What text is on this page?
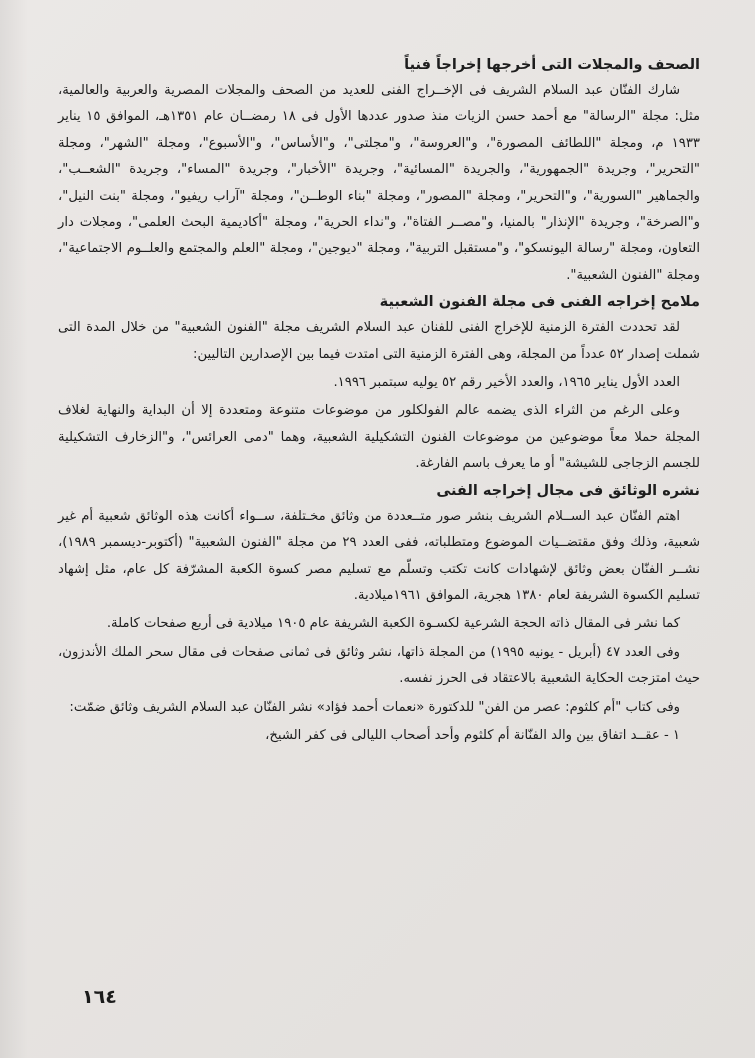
الصحف والمجلات التى أخرجها إخراجاً فنياً

شارك الفنّان عبد السلام الشريف فى الإخــراج الفنى للعديد من الصحف والمجلات المصرية والعربية والعالمية، مثل: مجلة "الرسالة" مع أحمد حسن الزيات منذ صدور عددها الأول فى ١٨ رمضــان عام ١٣٥١هـ، الموافق ١٥ يناير ١٩٣٣ م، ومجلة "اللطائف المصورة"، و"العروسة"، و"مجلتى"، و"الأساس"، و"الأسبوع"، ومجلة "الشهر"، ومجلة "التحرير"، وجريدة "الجمهورية"، والجريدة "المسائية"، وجريدة "الأخبار"، وجريدة "المساء"، وجريدة "الشعــب"، والجماهير "السورية"، و"التحرير"، ومجلة "المصور"، ومجلة "بناء الوطــن"، ومجلة "آراب ريفيو"، ومجلة "بنت النيل"، و"الصرخة"، وجريدة "الإنذار" بالمنيا، و"مصــر الفتاة"، و"نداء الحرية"، ومجلة "أكاديمية البحث العلمى"، ومجلات دار التعاون، ومجلة "رسالة اليونسكو"، و"مستقبل التربية"، ومجلة "ديوجين"، ومجلة "العلم والمجتمع والعلــوم الاجتماعية"، ومجلة "الفنون الشعبية".

ملامح إخراجه الفنى فى مجلة الفنون الشعبية

لقد تحددت الفترة الزمنية للإخراج الفنى للفنان عبد السلام الشريف مجلة "الفنون الشعبية" من خلال المدة التى شملت إصدار ٥٢ عدداً من المجلة، وهى الفترة الزمنية التى امتدت فيما بين الإصدارين التاليين:

العدد الأول يناير ١٩٦٥، والعدد الأخير رقم ٥٢ يوليه سبتمبر ١٩٩٦.

وعلى الرغم من الثراء الذى يضمه عالم الفولكلور من موضوعات متنوعة ومتعددة إلا أن البداية والنهاية لغلاف المجلة حملا معاً موضوعين من موضوعات الفنون التشكيلية الشعبية، وهما "دمى العرائس"، و"الزخارف التشكيلية للجسم الزجاجى للشيشة" أو ما يعرف باسم الفارغة.

نشره الوثائق فى مجال إخراجه الفنى

اهتم الفنّان عبد الســلام الشريف بنشر صور متــعددة من وثائق مخـتلفة، ســواء أكانت هذه الوثائق شعبية أم غير شعبية، وذلك وفق مقتضــيات الموضوع ومتطلباته، ففى العدد ٢٩ من مجلة "الفنون الشعبية" (أكتوبر-ديسمبر ١٩٨٩)، نشــر الفنّان بعض وثائق لإشهادات كانت تكتب وتسلّم مع تسليم مصر كسوة الكعبة المشرّفة كل عام، مثل إشهاد تسليم الكسوة الشريفة لعام ١٣٨٠ هجرية، الموافق ١٩٦١ميلادية.

كما نشر فى المقال ذاته الحجة الشرعية لكسـوة الكعبة الشريفة عام ١٩٠٥ ميلادية فى أربع صفحات كاملة.

وفى العدد ٤٧ (أبريل - يونيه ١٩٩٥) من المجلة ذاتها، نشر وثائق فى ثمانى صفحات فى مقال سحر الملك الأندزون، حيث امتزجت الحكاية الشعبية بالاعتقاد فى الحرز نفسه.

وفى كتاب "أم كلثوم: عصر من الفن" للدكتورة «نعمات أحمد فؤاد» نشر الفنّان عبد السلام الشريف وثائق ضمّت:

١ - عقــد اتفاق بين والد الفنّانة أم كلثوم وأحد أصحاب الليالى فى كفر الشيخ،

١٦٤
